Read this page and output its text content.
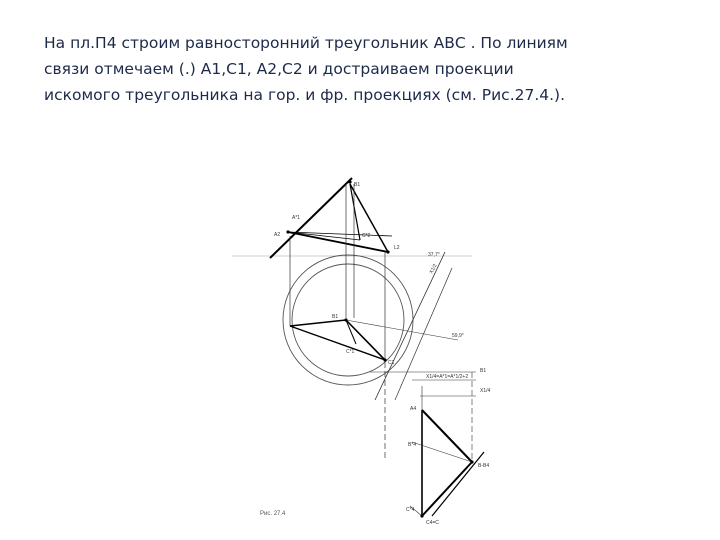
На пл.П4 строим равносторонний треугольник АВС . По линиям
связи отмечаем (.) А1,С1, А2,С2 и достраиваем проекции
искомого треугольника на гор. и фр. проекциях (см. Рис.27.4.).
В1
А*1
А2	С*2
L2
37,7°
X1/2
В1
59,9°
С*1
С1
В1
X1/4=A*1=A*1/2+2
X1/4
А4
В*4
В-В4
С*4
С4=С
Рис. 27.4
